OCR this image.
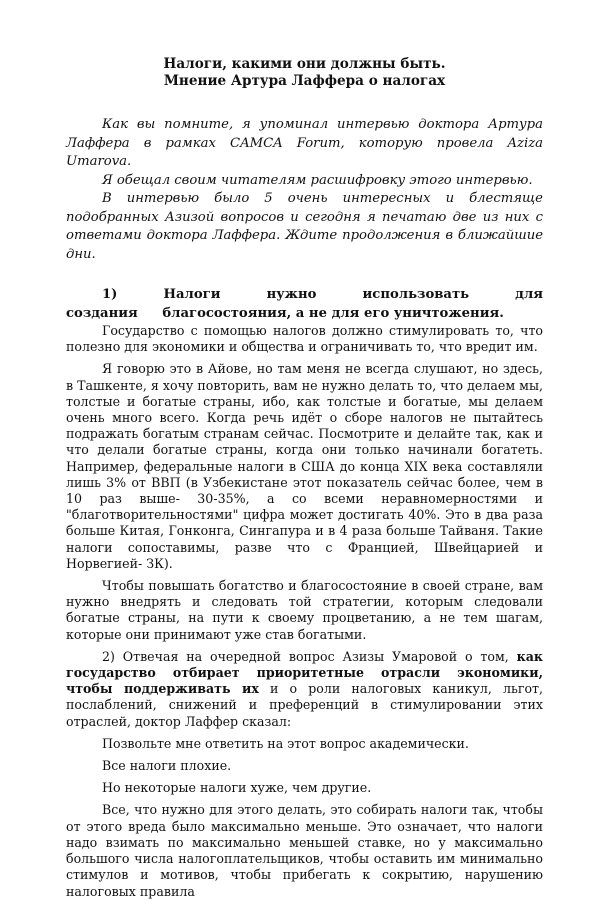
Налоги, какими они должны быть.
Мнение Артура Лаффера о налогах

Как вы помните, я упоминал интервью доктора Артура Лаффера в рамках CAMCA Forum, которую провела Aziza Umarova.

Я обещал своим читателям расшифровку этого интервью.

В интервью было 5 очень интересных и блестяще подобранных Азизой вопросов и сегодня я печатаю две из них с ответами доктора Лаффера. Ждите продолжения в ближайшие дни.

1) Налоги нужно использовать для создания благосостояния, а не для его уничтожения.

Государство с помощью налогов должно стимулировать то, что полезно для экономики и общества и ограничивать то, что вредит им.

Я говорю это в Айове, но там меня не всегда слушают, но здесь, в Ташкенте, я хочу повторить, вам не нужно делать то, что делаем мы, толстые и богатые страны, ибо, как толстые и богатые, мы делаем очень много всего. Когда речь идёт о сборе налогов не пытайтесь подражать богатым странам сейчас. Посмотрите и делайте так, как и что делали богатые страны, когда они только начинали богатеть. Например, федеральные налоги в США до конца XIX века составляли лишь 3% от ВВП (в Узбекистане этот показатель сейчас более, чем в 10 раз выше- 30-35%, а со всеми неравномерностями и "благотворительностями" цифра может достигать 40%. Это в два раза больше Китая, Гонконга, Сингапура и в 4 раза больше Тайваня. Такие налоги сопоставимы, разве что с Францией, Швейцарией и Норвегией- ЗК).

Чтобы повышать богатство и благосостояние в своей стране, вам нужно внедрять и следовать той стратегии, которым следовали богатые страны, на пути к своему процветанию, а не тем шагам, которые они принимают уже став богатыми.

2) Отвечая на очередной вопрос Азизы Умаровой о том, как государство отбирает приоритетные отрасли экономики, чтобы поддерживать их и о роли налоговых каникул, льгот, послаблений, снижений и преференций в стимулировании этих отраслей, доктор Лаффер сказал:

Позвольте мне ответить на этот вопрос академически.

Все налоги плохие.

Но некоторые налоги хуже, чем другие.

Все, что нужно для этого делать, это собирать налоги так, чтобы от этого вреда было максимально меньше. Это означает, что налоги надо взимать по максимально меньшей ставке, но у максимально большого числа налогоплательщиков, чтобы оставить им минимально стимулов и мотивов, чтобы прибегать к сокрытию, нарушению налоговых правила
